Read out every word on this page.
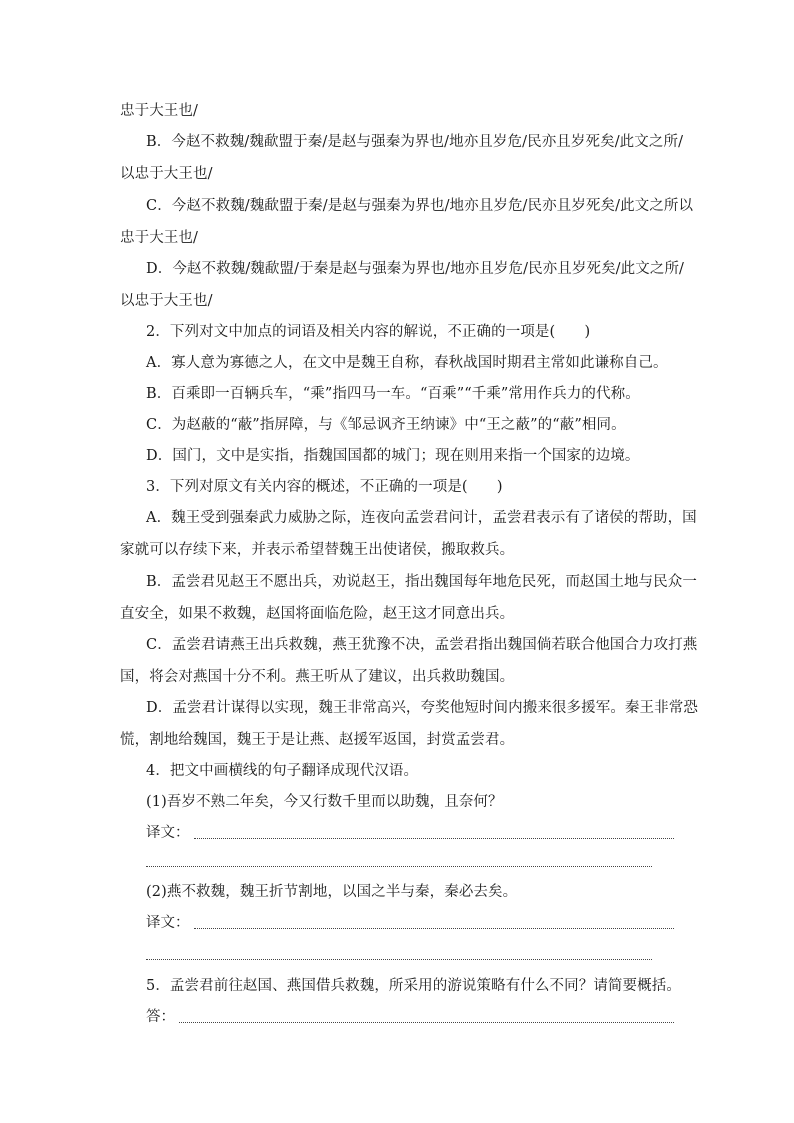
忠于大王也/
B．今赵不救魏/魏歃盟于秦/是赵与强秦为界也/地亦且岁危/民亦且岁死矣/此文之所/
以忠于大王也/
C．今赵不救魏/魏歃盟于秦/是赵与强秦为界也/地亦且岁危/民亦且岁死矣/此文之所以
忠于大王也/
D．今赵不救魏/魏歃盟/于秦是赵与强秦为界也/地亦且岁危/民亦且岁死矣/此文之所/
以忠于大王也/
2．下列对文中加点的词语及相关内容的解说，不正确的一项是(　　)
A．寡人意为寡德之人，在文中是魏王自称，春秋战国时期君主常如此谦称自己。
B．百乘即一百辆兵车，“乘”指四马一车。“百乘”“千乘”常用作兵力的代称。
C．为赵蔽的“蔽”指屏障，与《邹忌讽齐王纳谏》中“王之蔽”的“蔽”相同。
D．国门，文中是实指，指魏国国都的城门；现在则用来指一个国家的边境。
3．下列对原文有关内容的概述，不正确的一项是(　　)
A．魏王受到强秦武力威胁之际，连夜向孟尝君问计，孟尝君表示有了诸侯的帮助，国
家就可以存续下来，并表示希望替魏王出使诸侯，搬取救兵。
B．孟尝君见赵王不愿出兵，劝说赵王，指出魏国每年地危民死，而赵国土地与民众一
直安全，如果不救魏，赵国将面临危险，赵王这才同意出兵。
C．孟尝君请燕王出兵救魏，燕王犹豫不决，孟尝君指出魏国倘若联合他国合力攻打燕
国，将会对燕国十分不利。燕王听从了建议，出兵救助魏国。
D．孟尝君计谋得以实现，魏王非常高兴，夸奖他短时间内搬来很多援军。秦王非常恐
慌，割地给魏国，魏王于是让燕、赵援军返国，封赏孟尝君。
4．把文中画横线的句子翻译成现代汉语。
(1)吾岁不熟二年矣，今又行数千里而以助魏，且奈何？
译文：
(2)燕不救魏，魏王折节割地，以国之半与秦，秦必去矣。
译文：
5．孟尝君前往赵国、燕国借兵救魏，所采用的游说策略有什么不同？请简要概括。
答：
